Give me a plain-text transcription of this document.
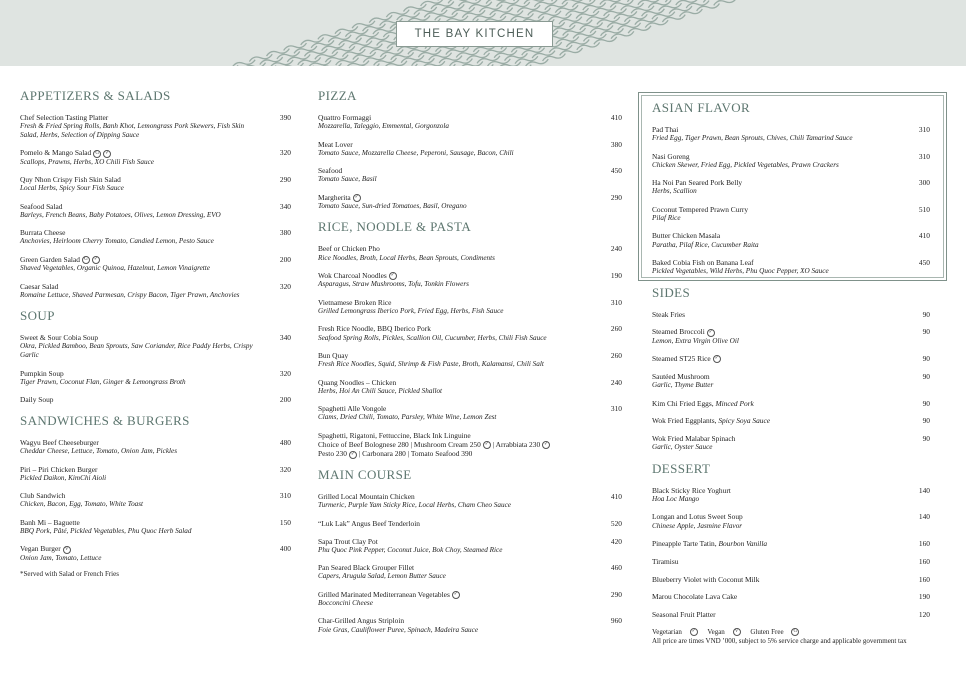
THE BAY KITCHEN
APPETIZERS & SALADS
Chef Selection Tasting Platter	390
Fresh & Fried Spring Rolls, Banh Khot, Lemongrass Pork Skewers, Fish Skin Salad, Herbs, Selection of Dipping Sauce
Pomelo & Mango Salad G ✓	320
Scallops, Prawns, Herbs, XO Chili Fish Sauce
Quy Nhon Crispy Fish Skin Salad	290
Local Herbs, Spicy Sour Fish Sauce
Seafood Salad	340
Barleys, French Beans, Baby Potatoes, Olives, Lemon Dressing, EVO
Burrata Cheese	380
Anchovies, Heirloom Cherry Tomato, Candied Lemon, Pesto Sauce
Green Garden Salad G ✓	200
Shaved Vegetables, Organic Quinoa, Hazelnut, Lemon Vinaigrette
Caesar Salad	320
Romaine Lettuce, Shaved Parmesan, Crispy Bacon, Tiger Prawn, Anchovies
SOUP
Sweet & Sour Cobia Soup	340
Okra, Pickled Bamboo, Bean Sprouts, Saw Coriander, Rice Paddy Herbs, Crispy Garlic
Pumpkin Soup	320
Tiger Prawn, Coconut Flan, Ginger & Lemongrass Broth
Daily Soup	200
SANDWICHES & BURGERS
Wagyu Beef Cheeseburger	480
Cheddar Cheese, Lettuce, Tomato, Onion Jam, Pickles
Piri – Piri Chicken Burger	320
Pickled Daikon, KimChi Aioli
Club Sandwich	310
Chicken, Bacon, Egg, Tomato, White Toast
Banh Mi – Baguette	150
BBQ Pork, Pâté, Pickled Vegetables, Phu Quoc Herb Salad
Vegan Burger V	400
Onion Jam, Tomato, Lettuce
*Served with Salad or French Fries
PIZZA
Quattro Formaggi	410
Mozzarella, Taleggio, Emmental, Gorgonzola
Meat Lover	380
Tomato Sauce, Mozzarella Cheese, Peperoni, Sausage, Bacon, Chili
Seafood	450
Tomato Sauce, Basil
Margherita ✓	290
Tomato Sauce, Sun-dried Tomatoes, Basil, Oregano
RICE, NOODLE & PASTA
Beef or Chicken Pho	240
Rice Noodles, Broth, Local Herbs, Bean Sprouts, Condiments
Wok Charcoal Noodles ✓	190
Asparagus, Straw Mushrooms, Tofu, Tonkin Flowers
Vietnamese Broken Rice	310
Grilled Lemongrass Iberico Pork, Fried Egg, Herbs, Fish Sauce
Fresh Rice Noodle, BBQ Iberico Pork	260
Seafood Spring Rolls, Pickles, Scallion Oil, Cucumber, Herbs, Chili Fish Sauce
Bun Quay	260
Fresh Rice Noodles, Squid, Shrimp & Fish Paste, Broth, Kalamansi, Chili Salt
Quang Noodles – Chicken	240
Herbs, Hoi An Chili Sauce, Pickled Shallot
Spaghetti Alle Vongole	310
Clams, Dried Chili, Tomato, Parsley, White Wine, Lemon Zest
Spaghetti, Rigatoni, Fettuccine, Black Ink Linguine
Choice of Beef Bolognese 280 | Mushroom Cream 250 ✓ | Arrabbiata 230 ✓
Pesto 230 ✓ | Carbonara 280 | Tomato Seafood 390
MAIN COURSE
Grilled Local Mountain Chicken	410
Turmeric, Purple Yam Sticky Rice, Local Herbs, Cham Cheo Sauce
“Luk Lak” Angus Beef Tenderloin	520
Sapa Trout Clay Pot	420
Phu Quoc Pink Pepper, Coconut Juice, Bok Choy, Steamed Rice
Pan Seared Black Grouper Fillet	460
Capers, Arugula Salad, Lemon Butter Sauce
Grilled Marinated Mediterranean Vegetables ✓	290
Bocconcini Cheese
Char-Grilled Angus Striploin	960
Foie Gras, Cauliflower Puree, Spinach, Madeira Sauce
ASIAN FLAVOR
Pad Thai	310
Fried Egg, Tiger Prawn, Bean Sprouts, Chives, Chili Tamarind Sauce
Nasi Goreng	310
Chicken Skewer, Fried Egg, Pickled Vegetables, Prawn Crackers
Ha Noi Pan Seared Pork Belly	300
Herbs, Scallion
Coconut Tempered Prawn Curry	510
Pilaf Rice
Butter Chicken Masala	410
Paratha, Pilaf Rice, Cucumber Raita
Baked Cobia Fish on Banana Leaf	450
Pickled Vegetables, Wild Herbs, Phu Quoc Pepper, XO Sauce
SIDES
Steak Fries	90
Steamed Broccoli ✓	90
Lemon, Extra Virgin Olive Oil
Steamed ST25 Rice ✓	90
Sautéed Mushroom	90
Garlic, Thyme Butter
Kim Chi Fried Eggs, Minced Pork	90
Wok Fried Eggplants, Spicy Soya Sauce	90
Wok Fried Malabar Spinach	90
Garlic, Oyster Sauce
DESSERT
Black Sticky Rice Yoghurt	140
Hoa Loc Mango
Longan and Lotus Sweet Soup	140
Chinese Apple, Jasmine Flavor
Pineapple Tarte Tatin, Bourbon Vanilla	160
Tiramisu	160
Blueberry Violet with Coconut Milk	160
Marou Chocolate Lava Cake	190
Seasonal Fruit Platter	120
Vegetarian ✓ Vegan V Gluten Free G
All price are times VND ’000, subject to 5% service charge and applicable government tax
